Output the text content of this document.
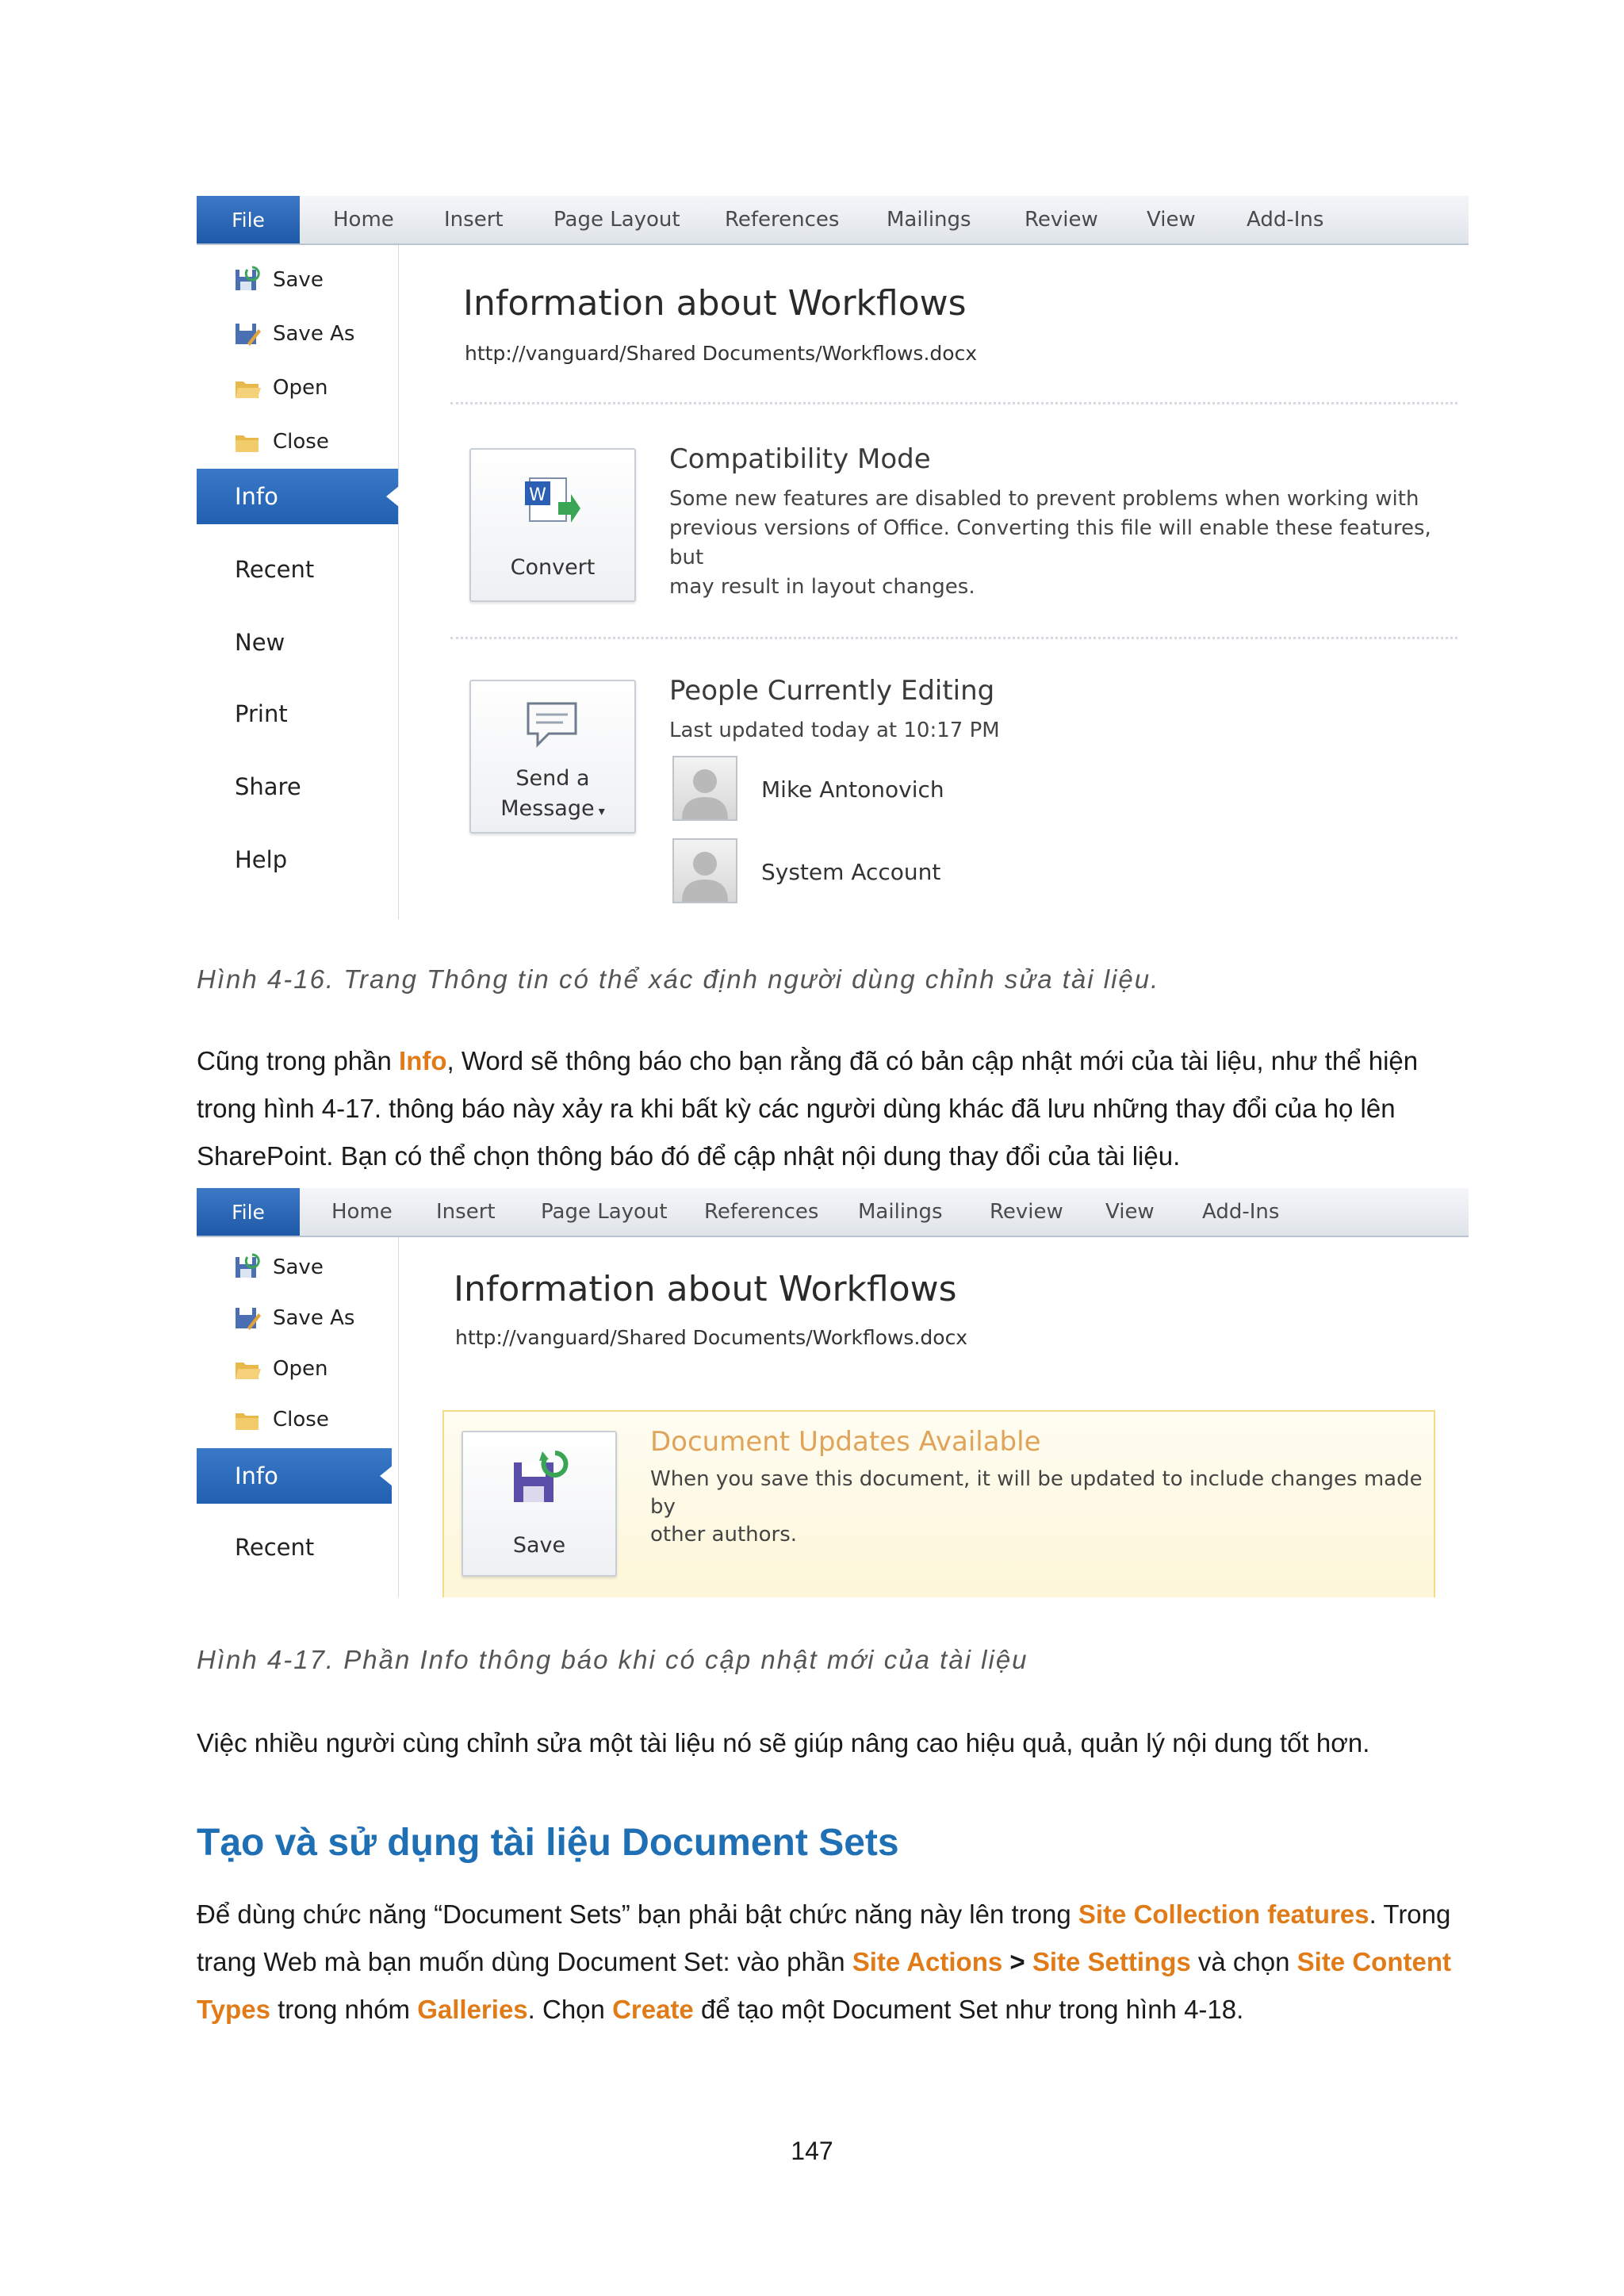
File	Home Insert Page Layout References Mailings	Review View Add-Ins
Save
Save As
Open
Close
Info
Recent
New
Print
Share
Help
Information about Workflows
http://vanguard/Shared Documents/Workflows.docx
W
Convert
Compatibility Mode
Some new features are disabled to prevent problems when working with
previous versions of Office. Converting this file will enable these features, but
may result in layout changes.
Send a
Message ▾
People Currently Editing
Last updated today at 10:17 PM
Mike Antonovich
System Account
Hình 4-16. Trang Thông tin có thể xác định người dùng chỉnh sửa tài liệu.
Cũng trong phần Info, Word sẽ thông báo cho bạn rằng đã có bản cập nhật mới của tài liệu, như thể hiện trong hình 4-17. thông báo này xảy ra khi bất kỳ các người dùng khác đã lưu những thay đổi của họ lên SharePoint. Bạn có thể chọn thông báo đó để cập nhật nội dung thay đổi của tài liệu.
File	Home Insert Page Layout References Mailings Review View Add-Ins
Save
Save As
Open
Close
Info
Recent
Information about Workflows
http://vanguard/Shared Documents/Workflows.docx
Save
Document Updates Available
When you save this document, it will be updated to include changes made by
other authors.
Hình 4-17. Phần Info thông báo khi có cập nhật mới của tài liệu
Việc nhiều người cùng chỉnh sửa một tài liệu nó sẽ giúp nâng cao hiệu quả, quản lý nội dung tốt hơn.
Tạo và sử dụng tài liệu Document Sets
Để dùng chức năng “Document Sets” bạn phải bật chức năng này lên trong Site Collection features. Trong trang Web mà bạn muốn dùng Document Set: vào phần Site Actions > Site Settings và chọn Site Content Types trong nhóm Galleries. Chọn Create để tạo một Document Set như trong hình 4-18.
147
